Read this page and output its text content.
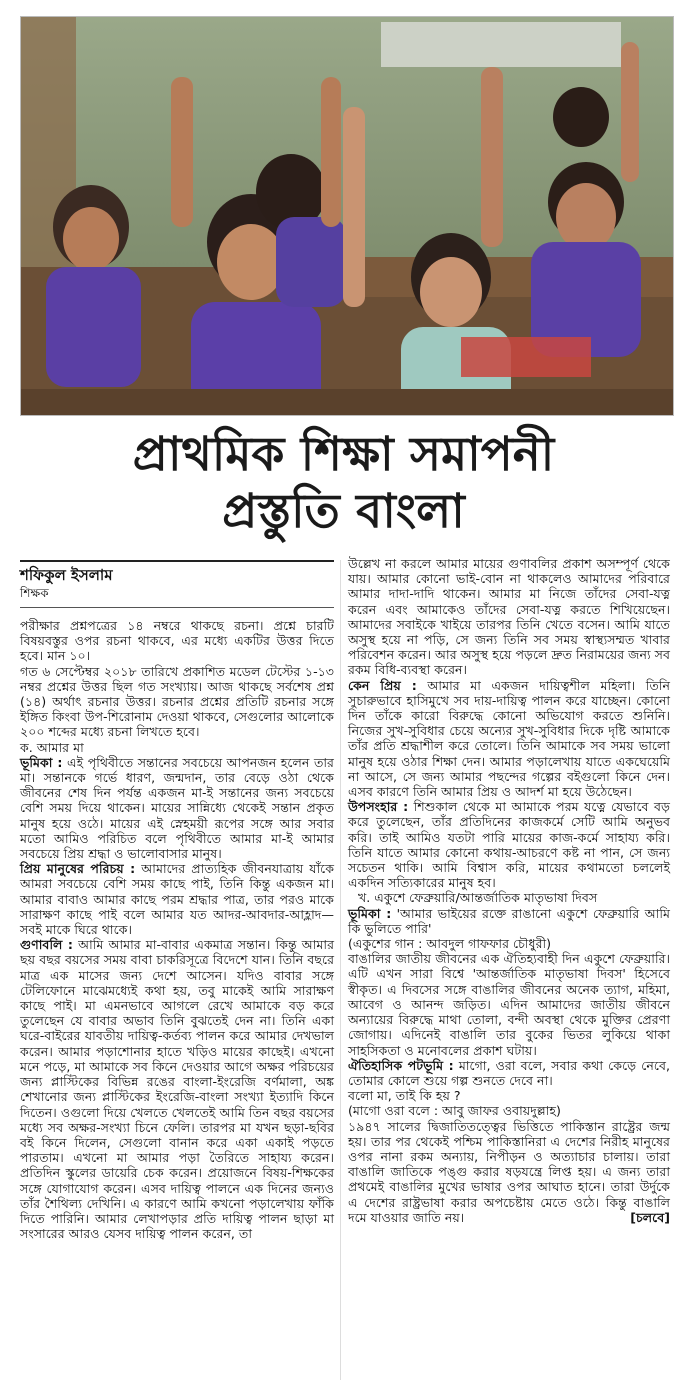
প্রাথমিক শিক্ষা সমাপনী
প্রস্তুতি বাংলা
শফিকুল ইসলাম
শিক্ষক

পরীক্ষার প্রশ্নপত্রের ১৪ নম্বরে থাকছে রচনা। প্রশ্নে চারটি বিষয়বস্তুর ওপর রচনা থাকবে, এর মধ্যে একটির উত্তর দিতে হবে। মান ১০।

গত ৬ সেপ্টেম্বর ২০১৮ তারিখে প্রকাশিত মডেল টেস্টের ১-১৩ নম্বর প্রশ্নের উত্তর ছিল গত সংখ্যায়। আজ থাকছে সর্বশেষ প্রশ্ন (১৪) অর্থাৎ রচনার উত্তর। রচনার প্রশ্নের প্রতিটি রচনার সঙ্গে ইঙ্গিত কিংবা উপ-শিরোনাম দেওয়া থাকবে, সেগুলোর আলোকে ২০০ শব্দের মধ্যে রচনা লিখতে হবে।

ক. আমার মা

ভূমিকা : এই পৃথিবীতে সন্তানের সবচেয়ে আপনজন হলেন তার মা। সন্তানকে গর্ভে ধারণ, জন্মদান, তার বেড়ে ওঠা থেকে জীবনের শেষ দিন পর্যন্ত একজন মা-ই সন্তানের জন্য সবচেয়ে বেশি সময় দিয়ে থাকেন। মায়ের সান্নিধ্যে থেকেই সন্তান প্রকৃত মানুষ হয়ে ওঠে। মায়ের এই স্নেহময়ী রূপের সঙ্গে আর সবার মতো আমিও পরিচিত বলে পৃথিবীতে আমার মা-ই আমার সবচেয়ে প্রিয় শ্রদ্ধা ও ভালোবাসার মানুষ।

প্রিয় মানুষের পরিচয় : আমাদের প্রাত্যহিক জীবনযাত্রায় যাঁকে আমরা সবচেয়ে বেশি সময় কাছে পাই, তিনি কিন্তু একজন মা। আমার বাবাও আমার কাছে পরম শ্রদ্ধার পাত্র, তার পরও মাকে সারাক্ষণ কাছে পাই বলে আমার যত আদর-আবদার-আহ্লাদ—সবই মাকে ঘিরে থাকে।

গুণাবলি : আমি আমার মা-বাবার একমাত্র সন্তান। কিন্তু আমার ছয় বছর বয়সের সময় বাবা চাকরিসূত্রে বিদেশে যান। তিনি বছরে মাত্র এক মাসের জন্য দেশে আসেন। যদিও বাবার সঙ্গে টেলিফোনে মাঝেমধ্যেই কথা হয়, তবু মাকেই আমি সারাক্ষণ কাছে পাই। মা এমনভাবে আগলে রেখে আমাকে বড় করে তুলেছেন যে বাবার অভাব তিনি বুঝতেই দেন না। তিনি একা ঘরে-বাইরের যাবতীয় দায়িত্ব-কর্তব্য পালন করে আমার দেখভাল করেন। আমার পড়াশোনার হাতে খড়িও মায়ের কাছেই। এখনো মনে পড়ে, মা আমাকে সব কিনে দেওয়ার আগে অক্ষর পরিচয়ের জন্য প্লাস্টিকের বিভিন্ন রঙের বাংলা-ইংরেজি বর্ণমালা, অঙ্ক শেখানোর জন্য প্লাস্টিকের ইংরেজি-বাংলা সংখ্যা ইত্যাদি কিনে দিতেন। ওগুলো দিয়ে খেলতে খেলতেই আমি তিন বছর বয়সের মধ্যে সব অক্ষর-সংখ্যা চিনে ফেলি। তারপর মা যখন ছড়া-ছবির বই কিনে দিলেন, সেগুলো বানান করে একা একাই পড়তে পারতাম। এখনো মা আমার পড়া তৈরিতে সাহায্য করেন। প্রতিদিন স্কুলের ডায়েরি চেক করেন। প্রয়োজনে বিষয়-শিক্ষকের সঙ্গে যোগাযোগ করেন। এসব দায়িত্ব পালনে এক দিনের জন্যও তাঁর শৈথিল্য দেখিনি। এ কারণে আমি কখনো পড়ালেখায় ফাঁকি দিতে পারিনি। আমার লেখাপড়ার প্রতি দায়িত্ব পালন ছাড়া মা সংসারের আরও যেসব দায়িত্ব পালন করেন, তা

উল্লেখ না করলে আমার মায়ের গুণাবলির প্রকাশ অসম্পূর্ণ থেকে যায়। আমার কোনো ভাই-বোন না থাকলেও আমাদের পরিবারে আমার দাদা-দাদি থাকেন। আমার মা নিজে তাঁদের সেবা-যত্ন করেন এবং আমাকেও তাঁদের সেবা-যত্ন করতে শিখিয়েছেন। আমাদের সবাইকে খাইয়ে তারপর তিনি খেতে বসেন। আমি যাতে অসুস্থ হয়ে না পড়ি, সে জন্য তিনি সব সময় স্বাস্থ্যসম্মত খাবার পরিবেশন করেন। আর অসুস্থ হয়ে পড়লে দ্রুত নিরাময়ের জন্য সব রকম বিধি-ব্যবস্থা করেন।

কেন প্রিয় : আমার মা একজন দায়িত্বশীল মহিলা। তিনি সুচারুভাবে হাসিমুখে সব দায়-দায়িত্ব পালন করে যাচ্ছেন। কোনো দিন তাঁকে কারো বিরুদ্ধে কোনো অভিযোগ করতে শুনিনি। নিজের সুখ-সুবিধার চেয়ে অন্যের সুখ-সুবিধার দিকে দৃষ্টি আমাকে তাঁর প্রতি শ্রদ্ধাশীল করে তোলে। তিনি আমাকে সব সময় ভালো মানুষ হয়ে ওঠার শিক্ষা দেন। আমার পড়ালেখায় যাতে একঘেয়েমি না আসে, সে জন্য আমার পছন্দের গল্পের বইগুলো কিনে দেন। এসব কারণে তিনি আমার প্রিয় ও আদর্শ মা হয়ে উঠেছেন।

উপসংহার : শিশুকাল থেকে মা আমাকে পরম যত্নে যেভাবে বড় করে তুলেছেন, তাঁর প্রতিদিনের কাজকর্মে সেটি আমি অনুভব করি। তাই আমিও যতটা পারি মায়ের কাজ-কর্মে সাহায্য করি। তিনি যাতে আমার কোনো কথায়-আচরণে কষ্ট না পান, সে জন্য সচেতন থাকি। আমি বিশ্বাস করি, মায়ের কথামতো চললেই একদিন সত্যিকারের মানুষ হব।

খ. একুশে ফেব্রুয়ারি/আন্তর্জাতিক মাতৃভাষা দিবস

ভূমিকা : 'আমার ভাইয়ের রক্তে রাঙানো একুশে ফেব্রুয়ারি আমি কি ভুলিতে পারি'

(একুশের গান : আবদুল গাফফার চৌধুরী)

বাঙালির জাতীয় জীবনের এক ঐতিহ্যবাহী দিন একুশে ফেব্রুয়ারি। এটি এখন সারা বিশ্বে 'আন্তর্জাতিক মাতৃভাষা দিবস' হিসেবে স্বীকৃত। এ দিবসের সঙ্গে বাঙালির জীবনের অনেক ত্যাগ, মহিমা, আবেগ ও আনন্দ জড়িত। এদিন আমাদের জাতীয় জীবনে অন্যায়ের বিরুদ্ধে মাথা তোলা, বন্দী অবস্থা থেকে মুক্তির প্রেরণা জোগায়। এদিনেই বাঙালি তার বুকের ভিতর লুকিয়ে থাকা সাহসিকতা ও মনোবলের প্রকাশ ঘটায়।

ঐতিহাসিক পটভূমি : মাগো, ওরা বলে, সবার কথা কেড়ে নেবে, তোমার কোলে শুয়ে গল্প শুনতে দেবে না।

বলো মা, তাই কি হয় ?

(মাগো ওরা বলে : আবু জাফর ওবায়দুল্লাহ)

১৯৪৭ সালের দ্বিজাতিতত্ত্বের ভিত্তিতে পাকিস্তান রাষ্ট্রের জন্ম হয়। তার পর থেকেই পশ্চিম পাকিস্তানিরা এ দেশের নিরীহ মানুষের ওপর নানা রকম অন্যায়, নিপীড়ন ও অত্যাচার চালায়। তারা বাঙালি জাতিকে পঙ্গু করার ষড়যন্ত্রে লিপ্ত হয়। এ জন্য তারা প্রথমেই বাঙালির মুখের ভাষার ওপর আঘাত হানে। তারা উর্দুকে এ দেশের রাষ্ট্রভাষা করার অপচেষ্টায় মেতে ওঠে। কিন্তু বাঙালি দমে যাওয়ার জাতি নয়।	[চলবে]
